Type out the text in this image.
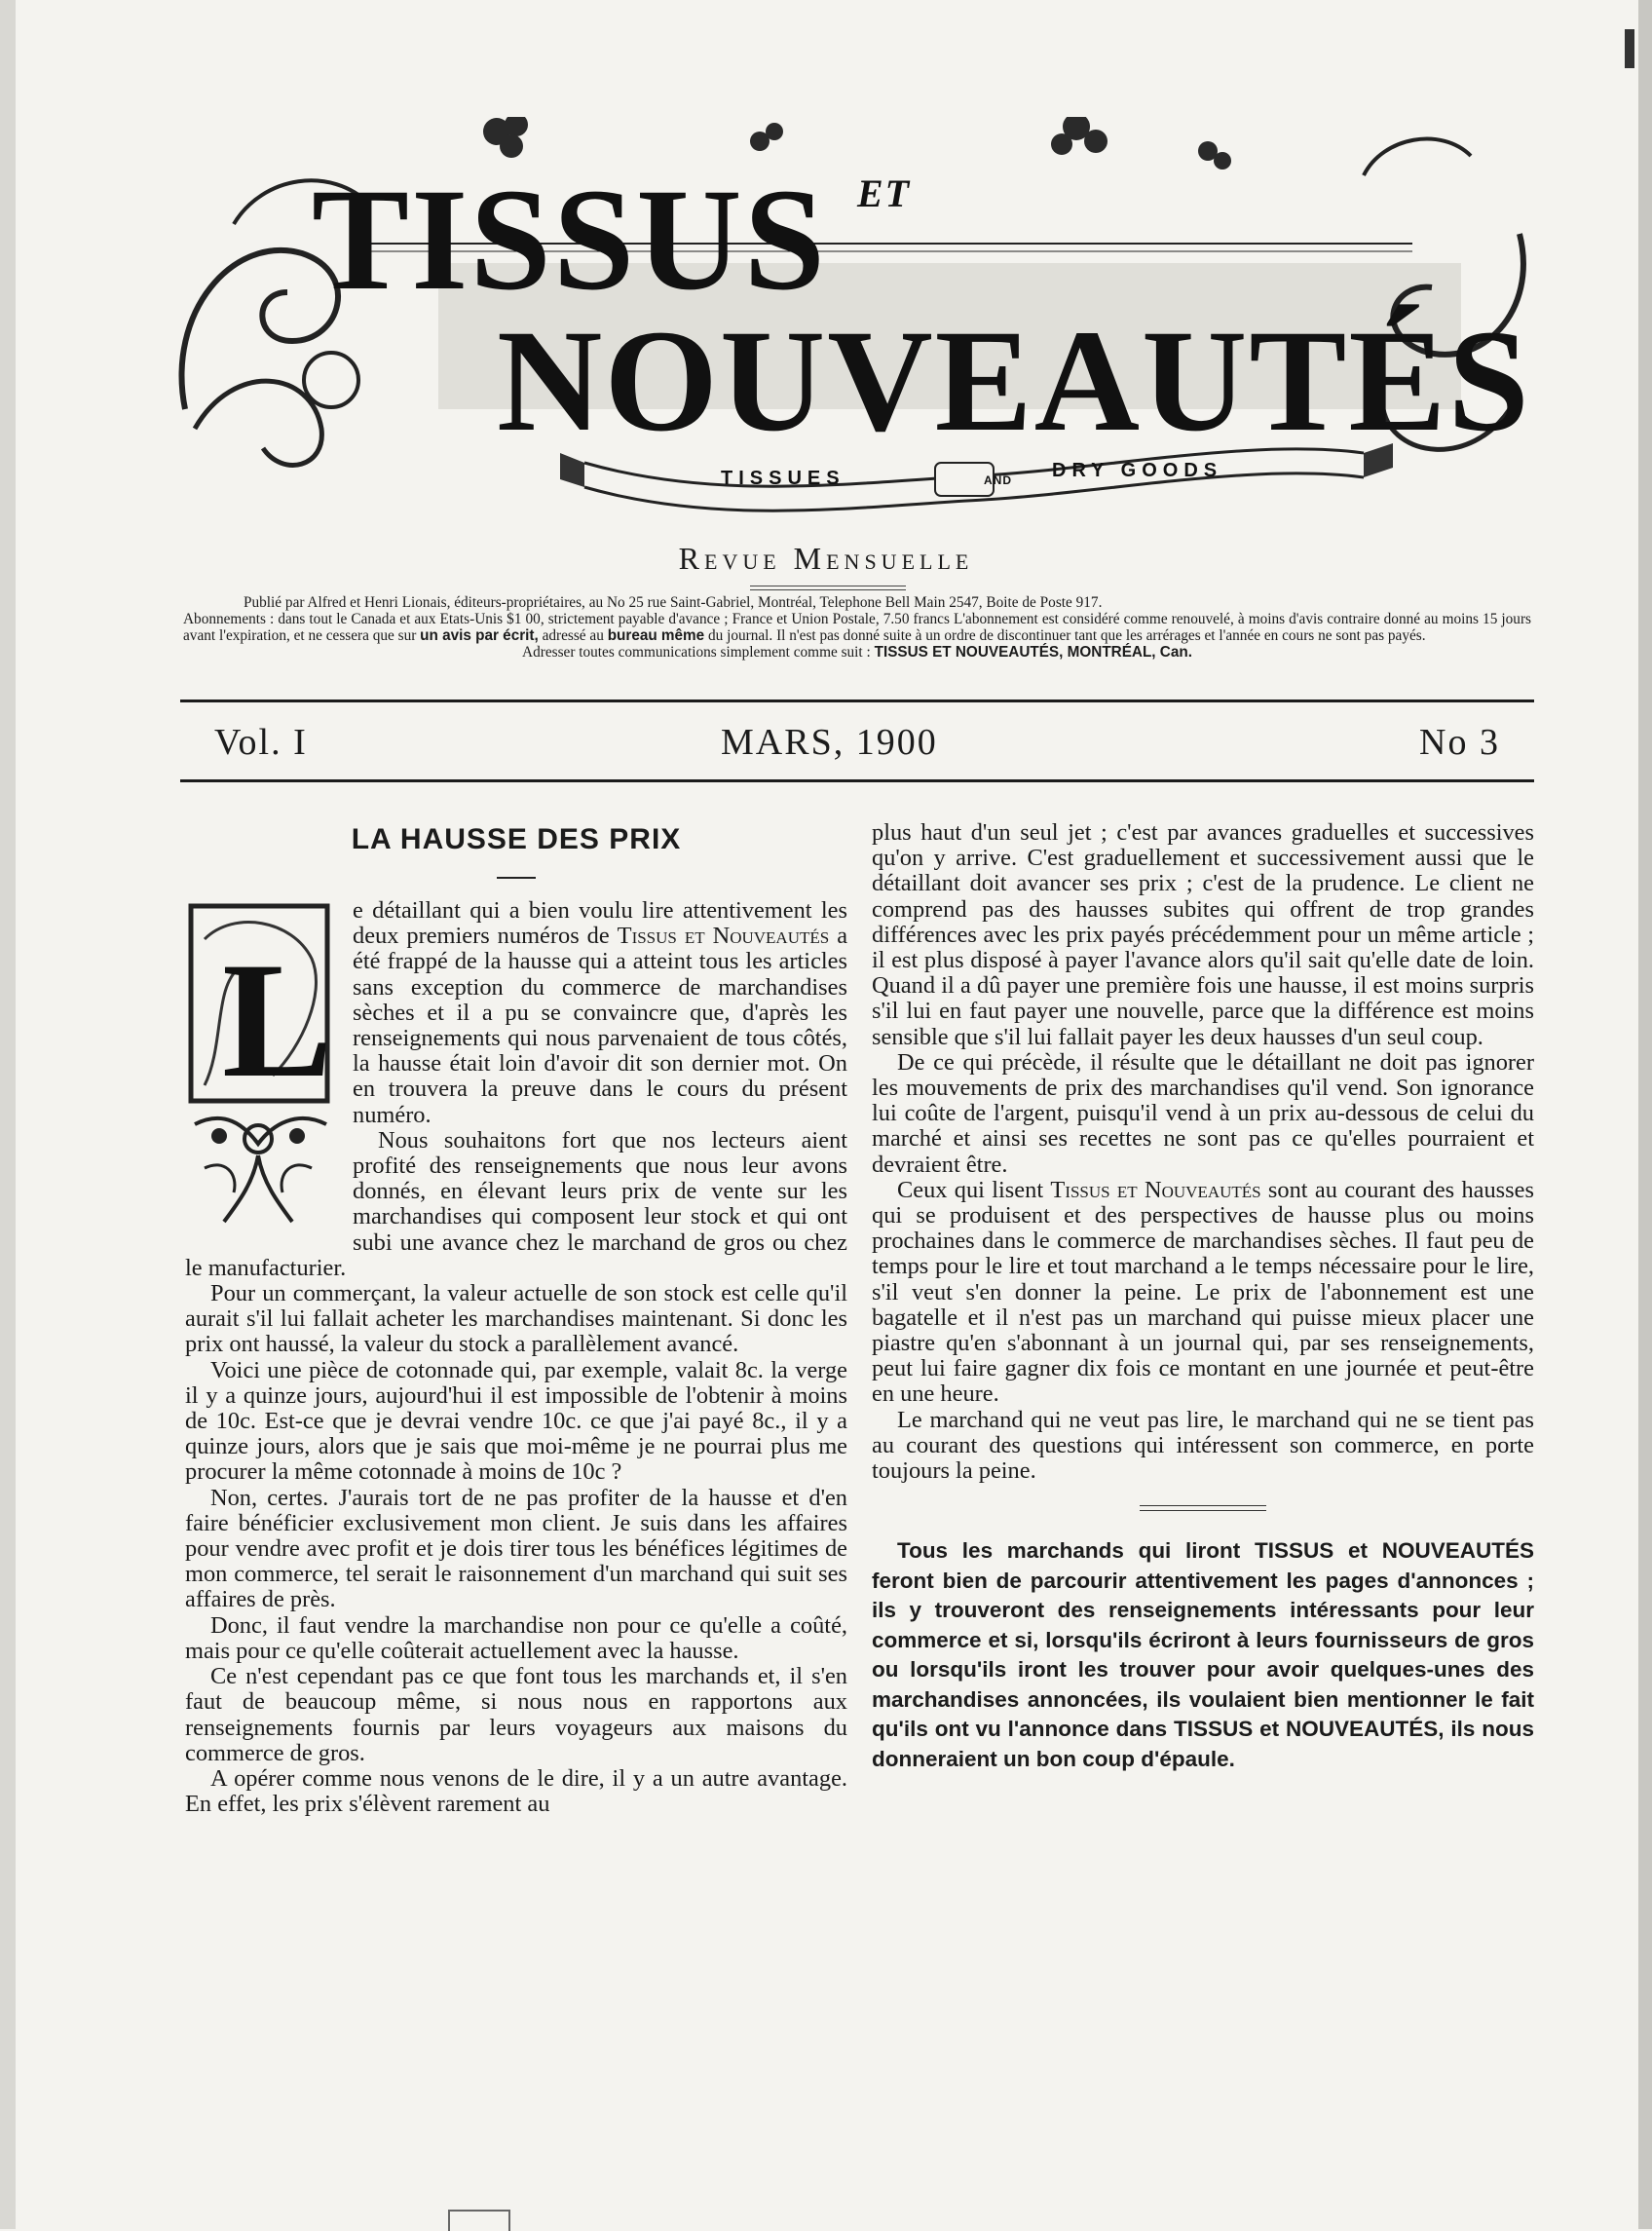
TISSUS ET
NOUVEAUTÉS
TISSUES	AND DRY GOODS
Revue Mensuelle

Publié par Alfred et Henri Lionais, éditeurs-propriétaires, au No 25 rue Saint-Gabriel, Montréal, Telephone Bell Main 2547, Boite de Poste 917.

Abonnements : dans tout le Canada et aux Etats-Unis $1 00, strictement payable d'avance ; France et Union Postale, 7.50 francs L'abonnement est considéré comme renouvelé, à moins d'avis contraire donné au moins 15 jours avant l'expiration, et ne cessera que sur un avis par écrit, adressé au bureau même du journal. Il n'est pas donné suite à un ordre de discontinuer tant que les arrérages et l'année en cours ne sont pas payés.

Adresser toutes communications simplement comme suit : TISSUS ET NOUVEAUTÉS, MONTRÉAL, Can.

Vol. I	MARS, 1900	No 3
LA HAUSSE DES PRIX
L

e détaillant qui a bien voulu lire attentivement les deux premiers numéros de Tissus et Nouveautés a été frappé de la hausse qui a atteint tous les articles sans exception du commerce de marchandises sèches et il a pu se convaincre que, d'après les renseignements qui nous parvenaient de tous côtés, la hausse était loin d'avoir dit son dernier mot. On en trouvera la preuve dans le cours du présent numéro.

Nous souhaitons fort que nos lecteurs aient profité des renseignements que nous leur avons donnés, en élevant leurs prix de vente sur les marchandises qui composent leur stock et qui ont subi une avance chez le marchand de gros ou chez le manufacturier.

Pour un commerçant, la valeur actuelle de son stock est celle qu'il aurait s'il lui fallait acheter les marchandises maintenant. Si donc les prix ont haussé, la valeur du stock a parallèlement avancé.

Voici une pièce de cotonnade qui, par exemple, valait 8c. la verge il y a quinze jours, aujourd'hui il est impossible de l'obtenir à moins de 10c. Est-ce que je devrai vendre 10c. ce que j'ai payé 8c., il y a quinze jours, alors que je sais que moi-même je ne pourrai plus me procurer la même cotonnade à moins de 10c ?

Non, certes. J'aurais tort de ne pas profiter de la hausse et d'en faire bénéficier exclusivement mon client. Je suis dans les affaires pour vendre avec profit et je dois tirer tous les bénéfices légitimes de mon commerce, tel serait le raisonnement d'un marchand qui suit ses affaires de près.

Donc, il faut vendre la marchandise non pour ce qu'elle a coûté, mais pour ce qu'elle coûterait actuellement avec la hausse.

Ce n'est cependant pas ce que font tous les marchands et, il s'en faut de beaucoup même, si nous nous en rapportons aux renseignements fournis par leurs voyageurs aux maisons du commerce de gros.

A opérer comme nous venons de le dire, il y a un autre avantage. En effet, les prix s'élèvent rarement au

plus haut d'un seul jet ; c'est par avances graduelles et successives qu'on y arrive. C'est graduellement et successivement aussi que le détaillant doit avancer ses prix ; c'est de la prudence. Le client ne comprend pas des hausses subites qui offrent de trop grandes différences avec les prix payés précédemment pour un même article ; il est plus disposé à payer l'avance alors qu'il sait qu'elle date de loin. Quand il a dû payer une première fois une hausse, il est moins surpris s'il lui en faut payer une nouvelle, parce que la différence est moins sensible que s'il lui fallait payer les deux hausses d'un seul coup.

De ce qui précède, il résulte que le détaillant ne doit pas ignorer les mouvements de prix des marchandises qu'il vend. Son ignorance lui coûte de l'argent, puisqu'il vend à un prix au-dessous de celui du marché et ainsi ses recettes ne sont pas ce qu'elles pourraient et devraient être.

Ceux qui lisent Tissus et Nouveautés sont au courant des hausses qui se produisent et des perspectives de hausse plus ou moins prochaines dans le commerce de marchandises sèches. Il faut peu de temps pour le lire et tout marchand a le temps nécessaire pour le lire, s'il veut s'en donner la peine. Le prix de l'abonnement est une bagatelle et il n'est pas un marchand qui puisse mieux placer une piastre qu'en s'abonnant à un journal qui, par ses renseignements, peut lui faire gagner dix fois ce montant en une journée et peut-être en une heure.

Le marchand qui ne veut pas lire, le marchand qui ne se tient pas au courant des questions qui intéressent son commerce, en porte toujours la peine.

Tous les marchands qui liront TISSUS et NOUVEAUTÉS feront bien de parcourir attentivement les pages d'annonces ; ils y trouveront des renseignements intéressants pour leur commerce et si, lorsqu'ils écriront à leurs fournisseurs de gros ou lorsqu'ils iront les trouver pour avoir quelques-unes des marchandises annoncées, ils voulaient bien mentionner le fait qu'ils ont vu l'annonce dans TISSUS et NOUVEAUTÉS, ils nous donneraient un bon coup d'épaule.
